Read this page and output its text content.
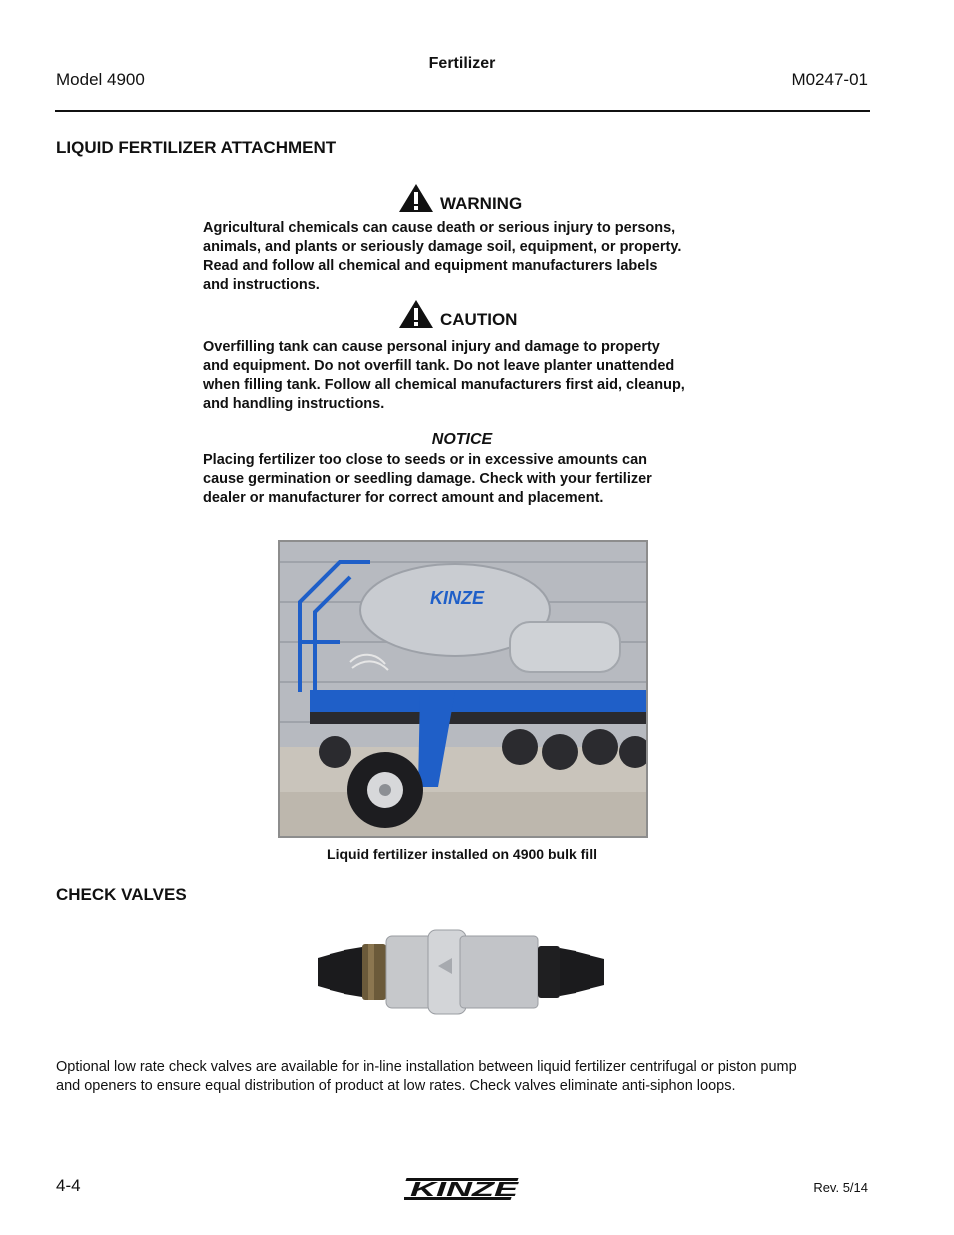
Fertilizer
Model 4900	M0247-01
LIQUID FERTILIZER ATTACHMENT
WARNING
Agricultural chemicals can cause death or serious injury to persons,
animals, and plants or seriously damage soil, equipment, or property.
Read and follow all chemical and equipment manufacturers labels
and instructions.
CAUTION
Overfilling tank can cause personal injury and damage to property
and equipment. Do not overfill tank. Do not leave planter unattended
when filling tank. Follow all chemical manufacturers first aid, cleanup,
and handling instructions.
NOTICE
Placing fertilizer too close to seeds or in excessive amounts can
cause germination or seedling damage. Check with your fertilizer
dealer or manufacturer for correct amount and placement.
KINZE
Liquid fertilizer installed on 4900 bulk fill
CHECK VALVES
Optional low rate check valves are available for in-line installation between liquid fertilizer centrifugal or piston pump
and openers to ensure equal distribution of product at low rates. Check valves eliminate anti-siphon loops.
4-4	KINZE	Rev. 5/14
